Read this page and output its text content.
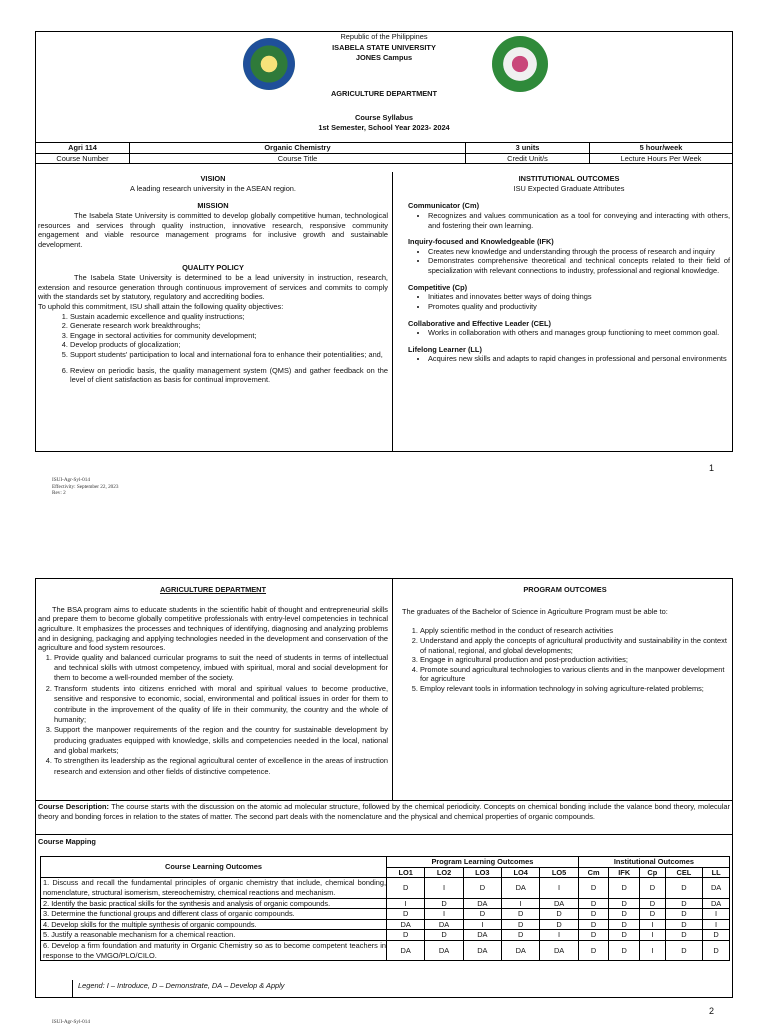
Republic of the Philippines
ISABELA STATE UNIVERSITY
JONES Campus
AGRICULTURE DEPARTMENT
Course Syllabus
1st Semester, School Year 2023- 2024
Agri 114	Organic Chemistry	3 units	5 hour/week
Course Number	Course Title	Credit Unit/s	Lecture Hours Per Week
VISION
A leading research university in the ASEAN region.
MISSION
The Isabela State University is committed to develop globally competitive human, technological resources and services through quality instruction, innovative research, responsive community engagement and viable resource management programs for inclusive growth and sustainable development.
QUALITY POLICY
The Isabela State University is determined to be a lead university in instruction, research, extension and resource generation through continuous improvement of services and commits to comply with the standards set by statutory, regulatory and accrediting bodies.
To uphold this commitment, ISU shall attain the following quality objectives:
1. Sustain academic excellence and quality instructions;
2. Generate research work breakthroughs;
3. Engage in sectoral activities for community development;
4. Develop products of glocalization;
5. Support students' participation to local and international fora to enhance their potentialities; and,
6. Review on periodic basis, the quality management system (QMS) and gather feedback on the level of client satisfaction as basis for continual improvement.
INSTITUTIONAL OUTCOMES
ISU Expected Graduate Attributes
Communicator (Cm)
• Recognizes and values communication as a tool for conveying and interacting with others, and fostering their own learning.
Inquiry-focused and Knowledgeable (IFK)
• Creates new knowledge and understanding through the process of research and inquiry
• Demonstrates comprehensive theoretical and technical concepts related to their field of specialization with relevant connections to industry, professional and regional knowledge.
Competitive (Cp)
• Initiates and innovates better ways of doing things
• Promotes quality and productivity
Collaborative and Effective Leader (CEL)
• Works in collaboration with others and manages group functioning to meet common goal.
Lifelong Learner (LL)
• Acquires new skills and adapts to rapid changes in professional and personal environments
1
ISUI-Agr-Syl-014
Effectivity: September 22, 2023
Rev: 2
AGRICULTURE DEPARTMENT
The BSA program aims to educate students in the scientific habit of thought and entrepreneurial skills and prepare them to become globally competitive professionals with entry-level competencies in technical agriculture. It emphasizes the processes and techniques of identifying, diagnosing and analyzing problems and in designing, packaging and applying technologies needed in the development and conservation of the agriculture and food system resources.
1. Provide quality and balanced curricular programs to suit the need of students in terms of intellectual and technical skills with utmost competency, imbued with spiritual, moral and social development for them to become a well-rounded member of the society.
2. Transform students into citizens enriched with moral and spiritual values to become productive, sensitive and responsive to economic, social, environmental and political issues in order for them to contribute in the improvement of the quality of life in their community, the country and the whole of humanity;
3. Support the manpower requirements of the region and the country for sustainable development by producing graduates equipped with knowledge, skills and competencies needed in the local, national and global markets;
4. To strengthen its leadership as the regional agricultural center of excellence in the areas of instruction research and extension and other fields of distinctive competence.
PROGRAM OUTCOMES
The graduates of the Bachelor of Science in Agriculture Program must be able to:
1. Apply scientific method in the conduct of research activities
2. Understand and apply the concepts of agricultural productivity and sustainability in the context of national, regional, and global developments;
3. Engage in agricultural production and post-production activities;
4. Promote sound agricultural technologies to various clients and in the manpower development for agriculture
5. Employ relevant tools in information technology in solving agriculture-related problems;
Course Description: The course starts with the discussion on the atomic ad molecular structure, followed by the chemical periodicity. Concepts on chemical bonding include the valance bond theory, molecular theory and bonding forces in relation to the states of matter. The second part deals with the nomenclature and the physical and chemical properties of organic compounds.
Course Mapping
Course Learning Outcomes	Program Learning Outcomes					Institutional Outcomes				
	LO1	LO2	LO3	LO4	LO5	Cm	IFK	Cp	CEL	LL
1. Discuss and recall the fundamental principles of organic chemistry that include, chemical bonding, nomenclature, structural isomerism, stereochemistry, chemical reactions and mechanism.	D	I	D	DA	I	D	D	D	D	DA
2. Identify the basic practical skills for the synthesis and analysis of organic compounds.	I	D	DA	I	DA	D	D	D	D	DA
3. Determine the functional groups and different class of organic compounds.	D	I	D	D	D	D	D	D	D	I
4. Develop skills for the multiple synthesis of organic compounds.	DA	DA	I	D	D	D	D	I	D	I
5. Justify a reasonable mechanism for a chemical reaction.	D	D	DA	D	I	D	D	I	D	D
6. Develop a firm foundation and maturity in Organic Chemistry so as to become competent teachers in response to the VMGO/PLO/CILO.	DA	DA	DA	DA	DA	D	D	I	D	D
Legend: I – Introduce, D – Demonstrate, DA – Develop & Apply
2
ISUI-Agr-Syl-014
